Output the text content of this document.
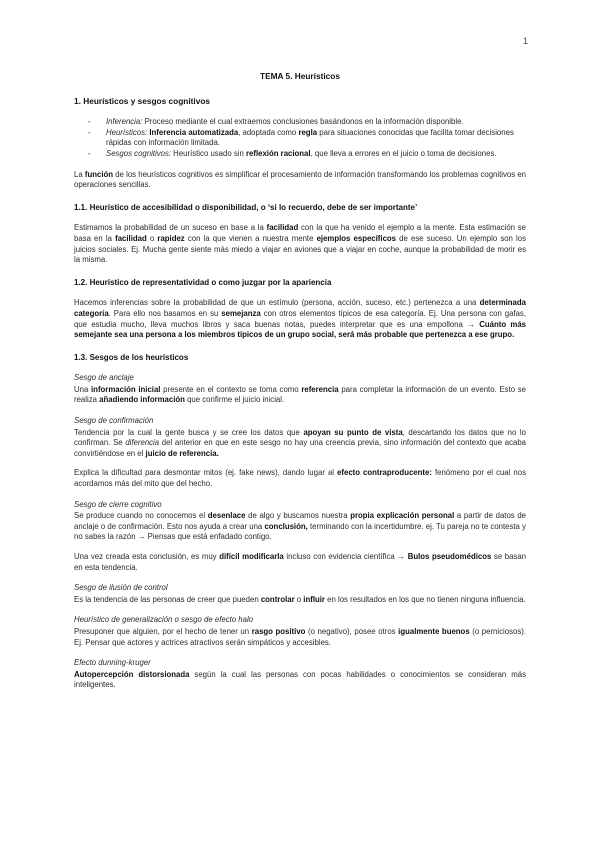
1
TEMA 5. Heurísticos
1. Heurísticos y sesgos cognitivos
- Inferencia: Proceso mediante el cual extraemos conclusiones basándonos en la información disponible.
- Heurísticos: Inferencia automatizada, adoptada como regla para situaciones conocidas que facilita tomar decisiones rápidas con información limitada.
- Sesgos cognitivos: Heurístico usado sin reflexión racional, que lleva a errores en el juicio o toma de decisiones.

La función de los heurísticos cognitivos es simplificar el procesamiento de información transformando los problemas cognitivos en operaciones sencillas.

1.1. Heurístico de accesibilidad o disponibilidad, o ‘si lo recuerdo, debe de ser importante’

Estimamos la probabilidad de un suceso en base a la facilidad con la que ha venido el ejemplo a la mente. Esta estimación se basa en la facilidad o rapidez con la que vienen a nuestra mente ejemplos específicos de ese suceso. Un ejemplo son los juicios sociales. Ej. Mucha gente siente más miedo a viajar en aviones que a viajar en coche, aunque la probabilidad de morir es la misma.

1.2. Heurístico de representatividad o como juzgar por la apariencia

Hacemos inferencias sobre la probabilidad de que un estímulo (persona, acción, suceso, etc.) pertenezca a una determinada categoría. Para ello nos basamos en su semejanza con otros elementos típicos de esa categoría. Ej. Una persona con gafas, que estudia mucho, lleva muchos libros y saca buenas notas, puedes interpretar que es una empollona → Cuánto más semejante sea una persona a los miembros típicos de un grupo social, será más probable que pertenezca a ese grupo.

1.3. Sesgos de los heurísticos
Sesgo de anclaje

Una información inicial presente en el contexto se toma como referencia para completar la información de un evento. Esto se realiza añadiendo información que confirme el juicio inicial.

Sesgo de confirmación

Tendencia por la cual la gente busca y se cree los datos que apoyan su punto de vista, descartando los datos que no lo confirman. Se diferencia del anterior en que en este sesgo no hay una creencia previa, sino información del contexto que acaba convirtiéndose en el juicio de referencia.

Explica la dificultad para desmontar mitos (ej. fake news), dando lugar al efecto contraproducente: fenómeno por el cual nos acordamos más del mito que del hecho.

Sesgo de cierre cognitivo

Se produce cuando no conocemos el desenlace de algo y buscamos nuestra propia explicación personal a partir de datos de anclaje o de confirmación. Esto nos ayuda a crear una conclusión, terminando con la incertidumbre. ej. Tu pareja no te contesta y no sabes la razón → Piensas que está enfadado contigo.

Una vez creada esta conclusión, es muy difícil modificarla incluso con evidencia científica → Bulos pseudomédicos se basan en esta tendencia.

Sesgo de ilusión de control

Es la tendencia de las personas de creer que pueden controlar o influir en los resultados en los que no tienen ninguna influencia.

Heurístico de generalización o sesgo de efecto halo

Presuponer que alguien, por el hecho de tener un rasgo positivo (o negativo), posee otros igualmente buenos (o perniciosos). Ej. Pensar que actores y actrices atractivos serán simpáticos y accesibles.

Efecto dunning-kruger

Autopercepción distorsionada según la cual las personas con pocas habilidades o conocimientos se consideran más inteligentes.
